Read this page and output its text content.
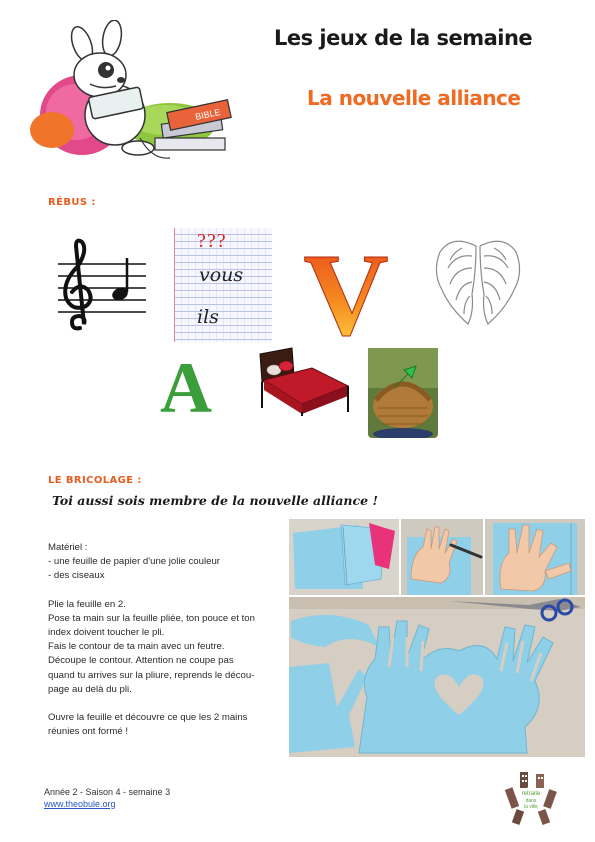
BIBLE
Les jeux de la semaine
La nouvelle alliance
RÉBUS :
???
vous
ils V
A
LE BRICOLAGE :
Toi aussi sois membre de la nouvelle alliance !

Matériel :

- une feuille de papier d'une jolie couleur

- des ciseaux

Plie la feuille en 2.

Pose ta main sur la feuille pliée, ton pouce et ton

index doivent toucher le pli.

Fais le contour de ta main avec un feutre.

Découpe le contour. Attention ne coupe pas

quand tu arrives sur la pliure, reprends le décou-

page au delà du pli.

Ouvre la feuille et découvre ce que les 2 mains

réunies ont formé !

Année 2 - Saison 4 - semaine 3
www.theobule.org
retraite
dans
la ville
